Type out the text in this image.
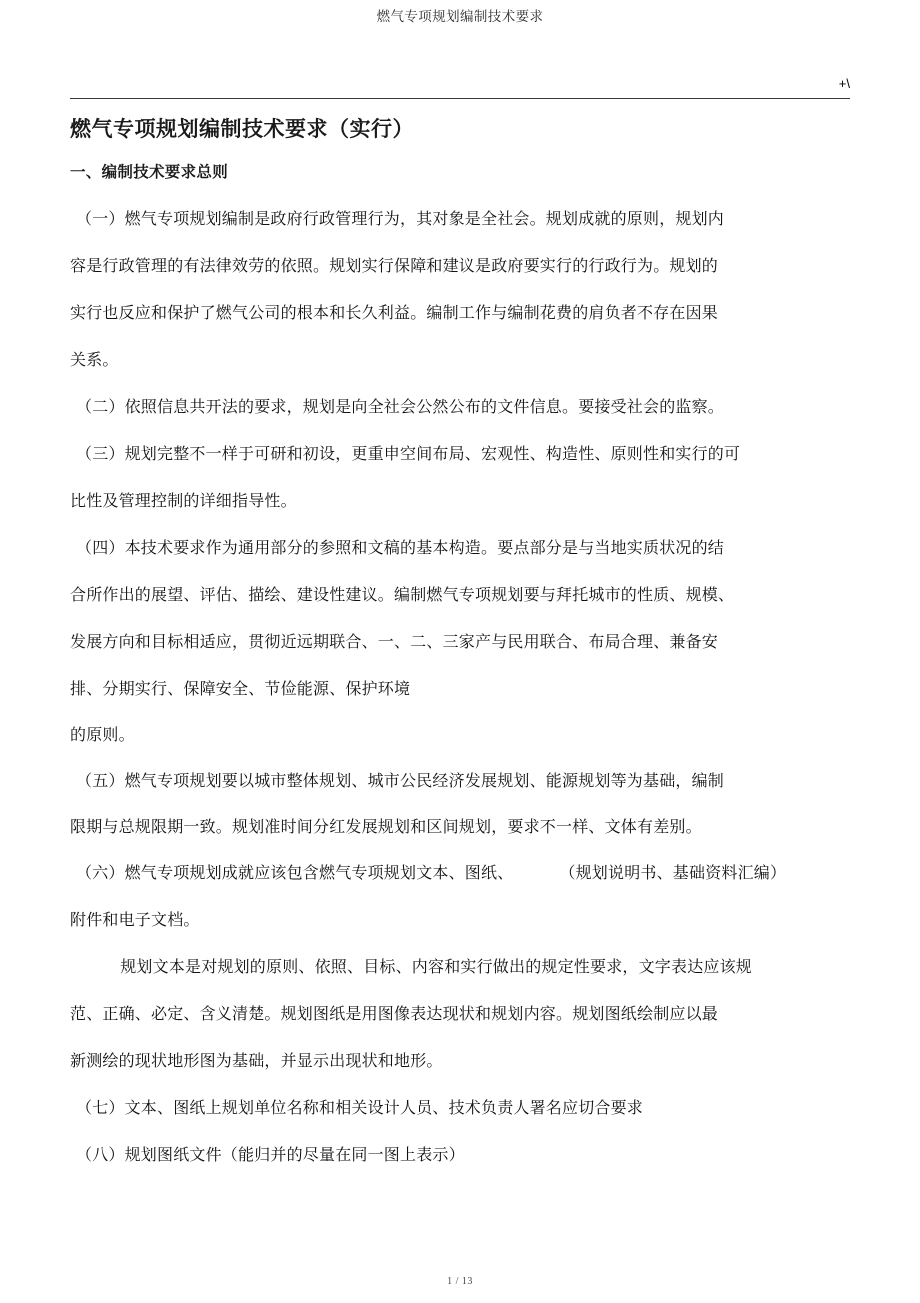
燃气专项规划编制技术要求
+\
燃气专项规划编制技术要求（实行）
一、编制技术要求总则

（一）燃气专项规划编制是政府行政管理行为，其对象是全社会。规划成就的原则，规划内

容是行政管理的有法律效劳的依照。规划实行保障和建议是政府要实行的行政行为。规划的

实行也反应和保护了燃气公司的根本和长久利益。编制工作与编制花费的肩负者不存在因果

关系。

（二）依照信息共开法的要求，规划是向全社会公然公布的文件信息。要接受社会的监察。

（三）规划完整不一样于可研和初设，更重申空间布局、宏观性、构造性、原则性和实行的可

比性及管理控制的详细指导性。

（四）本技术要求作为通用部分的参照和文稿的基本构造。要点部分是与当地实质状况的结

合所作出的展望、评估、描绘、建设性建议。编制燃气专项规划要与拜托城市的性质、规模、

发展方向和目标相适应，贯彻近远期联合、一、二、三家产与民用联合、布局合理、兼备安

排、分期实行、保障安全、节俭能源、保护环境

的原则。

（五）燃气专项规划要以城市整体规划、城市公民经济发展规划、能源规划等为基础，编制

限期与总规限期一致。规划准时间分红发展规划和区间规划，要求不一样、文体有差别。

（六）燃气专项规划成就应该包含燃气专项规划文本、图纸、	（规划说明书、基础资料汇编）

附件和电子文档。

　规划文本是对规划的原则、依照、目标、内容和实行做出的规定性要求，文字表达应该规

范、正确、必定、含义清楚。规划图纸是用图像表达现状和规划内容。规划图纸绘制应以最

新测绘的现状地形图为基础，并显示出现状和地形。

（七）文本、图纸上规划单位名称和相关设计人员、技术负责人署名应切合要求

（八）规划图纸文件（能归并的尽量在同一图上表示）

1 / 13
